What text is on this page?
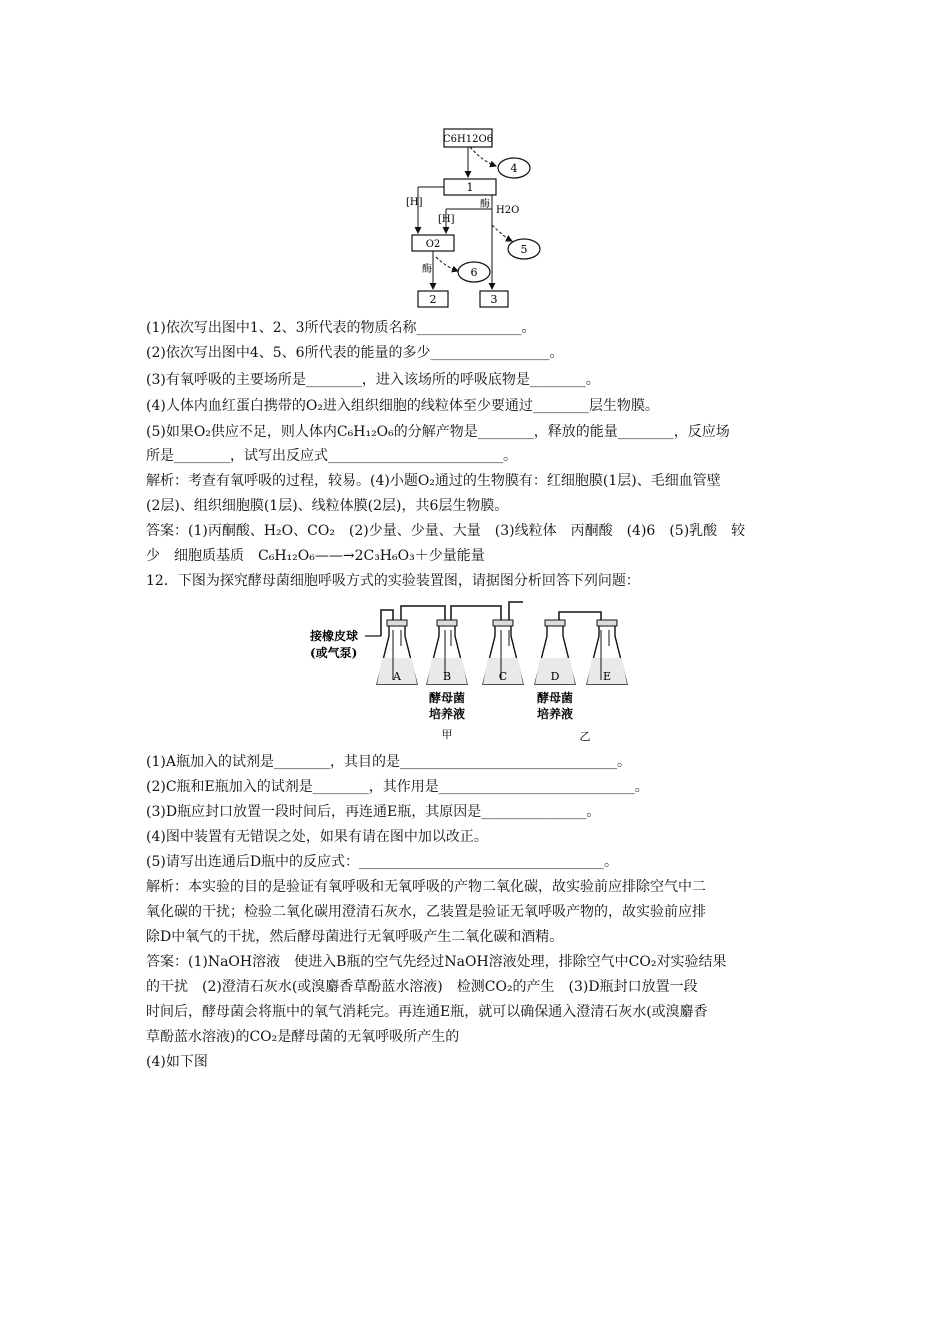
C6H12O6
4
1
[H]	酶
H2O
[H]
5
O2
酶	6
2	3
(1)依次写出图中1、2、3所代表的物质名称_______________。
(2)依次写出图中4、5、6所代表的能量的多少_________________。
(3)有氧呼吸的主要场所是________，进入该场所的呼吸底物是________。
(4)人体内血红蛋白携带的O₂进入组织细胞的线粒体至少要通过________层生物膜。
(5)如果O₂供应不足，则人体内C₆H₁₂O₆的分解产物是________，释放的能量________，反应场
所是________，试写出反应式_________________________。
解析：考查有氧呼吸的过程，较易。(4)小题O₂通过的生物膜有：红细胞膜(1层)、毛细血管壁
(2层)、组织细胞膜(1层)、线粒体膜(2层)，共6层生物膜。
答案：(1)丙酮酸、H₂O、CO₂　(2)少量、少量、大量　(3)线粒体　丙酮酸　(4)6　(5)乳酸　较
少　细胞质基质　C₆H₁₂O₆——→2C₃H₆O₃＋少量能量
12．下图为探究酵母菌细胞呼吸方式的实验装置图，请据图分析回答下列问题：
接橡皮球
(或气泵)
A	B	C	D	E
酵母菌
培养液
酵母菌
培养液
甲	乙
(1)A瓶加入的试剂是________，其目的是_______________________________。
(2)C瓶和E瓶加入的试剂是________，其作用是____________________________。
(3)D瓶应封口放置一段时间后，再连通E瓶，其原因是_______________。
(4)图中装置有无错误之处，如果有请在图中加以改正。
(5)请写出连通后D瓶中的反应式：___________________________________。
解析：本实验的目的是验证有氧呼吸和无氧呼吸的产物二氧化碳，故实验前应排除空气中二
氧化碳的干扰；检验二氧化碳用澄清石灰水，乙装置是验证无氧呼吸产物的，故实验前应排
除D中氧气的干扰，然后酵母菌进行无氧呼吸产生二氧化碳和酒精。
答案：(1)NaOH溶液　使进入B瓶的空气先经过NaOH溶液处理，排除空气中CO₂对实验结果
的干扰　(2)澄清石灰水(或溴麝香草酚蓝水溶液)　检测CO₂的产生　(3)D瓶封口放置一段
时间后，酵母菌会将瓶中的氧气消耗完。再连通E瓶，就可以确保通入澄清石灰水(或溴麝香
草酚蓝水溶液)的CO₂是酵母菌的无氧呼吸所产生的
(4)如下图
